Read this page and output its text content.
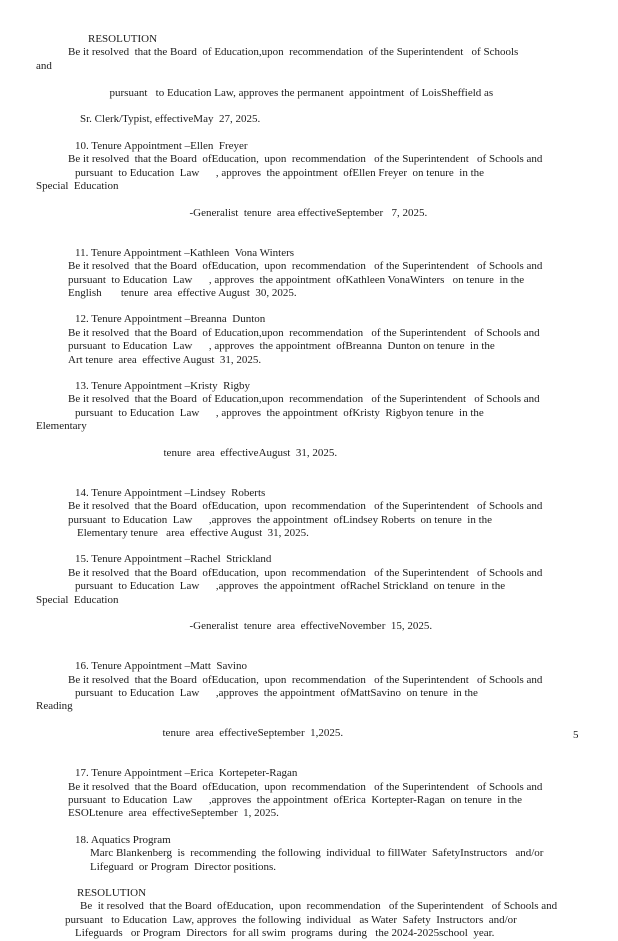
RESOLUTION
Be it resolved  that the Board  of Education,upon  recommendation  of the Superintendent   of Schools

and

pursuant   to Education Law, approves the permanent  appointment  of LoisSheffield as

Sr. Clerk/Typist, effectiveMay  27, 2025.
10. Tenure Appointment –Ellen  Freyer
Be it resolved  that the Board  ofEducation,  upon  recommendation   of the Superintendent   of Schools and
pursuant  to Education  Law      , approves  the appointment  ofEllen Freyer  on tenure  in the

Special  Education

-Generalist  tenure  area effectiveSeptember   7, 2025.

11. Tenure Appointment –Kathleen  Vona Winters
Be it resolved  that the Board  ofEducation,  upon  recommendation   of the Superintendent   of Schools and
pursuant  to Education  Law      , approves  the appointment  ofKathleen VonaWinters   on tenure  in the
English       tenure  area  effective August  30, 2025.
12. Tenure Appointment –Breanna  Dunton
Be it resolved  that the Board  of Education,upon  recommendation   of the Superintendent   of Schools and
pursuant  to Education  Law      , approves  the appointment  ofBreanna  Dunton on tenure  in the
Art tenure  area  effective August  31, 2025.
13. Tenure Appointment –Kristy  Rigby
Be it resolved  that the Board  of Education,upon  recommendation   of the Superintendent   of Schools and
pursuant  to Education  Law      , approves  the appointment  ofKristy  Rigbyon tenure  in the

Elementary

tenure  area  effectiveAugust  31, 2025.

14. Tenure Appointment –Lindsey  Roberts
Be it resolved  that the Board  ofEducation,  upon  recommendation   of the Superintendent   of Schools and
pursuant  to Education  Law      ,approves  the appointment  ofLindsey Roberts  on tenure  in the
Elementary tenure   area  effective August  31, 2025.
15. Tenure Appointment –Rachel  Strickland
Be it resolved  that the Board  ofEducation,  upon  recommendation   of the Superintendent   of Schools and
pursuant  to Education  Law      ,approves  the appointment  ofRachel Strickland  on tenure  in the

Special  Education

-Generalist  tenure  area  effectiveNovember  15, 2025.

16. Tenure Appointment –Matt  Savino
Be it resolved  that the Board  ofEducation,  upon  recommendation   of the Superintendent   of Schools and
pursuant  to Education  Law      ,approves  the appointment  ofMattSavino  on tenure  in the

Reading

tenure  area  effectiveSeptember  1,2025.

17. Tenure Appointment –Erica  Kortepeter-Ragan
Be it resolved  that the Board  ofEducation,  upon  recommendation   of the Superintendent   of Schools and
pursuant  to Education  Law      ,approves  the appointment  ofErica  Kortepter-Ragan  on tenure  in the
ESOLtenure  area  effectiveSeptember  1, 2025.
18. Aquatics Program
Marc Blankenberg  is  recommending  the following  individual  to fillWater  SafetyInstructors   and/or
Lifeguard  or Program  Director positions.
RESOLUTION
Be  it resolved  that the Board  ofEducation,  upon  recommendation   of the Superintendent   of Schools and
pursuant   to Education  Law, approves  the following  individual   as Water  Safety  Instructors  and/or
Lifeguards   or Program  Directors  for all swim  programs  during   the 2024-2025school  year.
5
